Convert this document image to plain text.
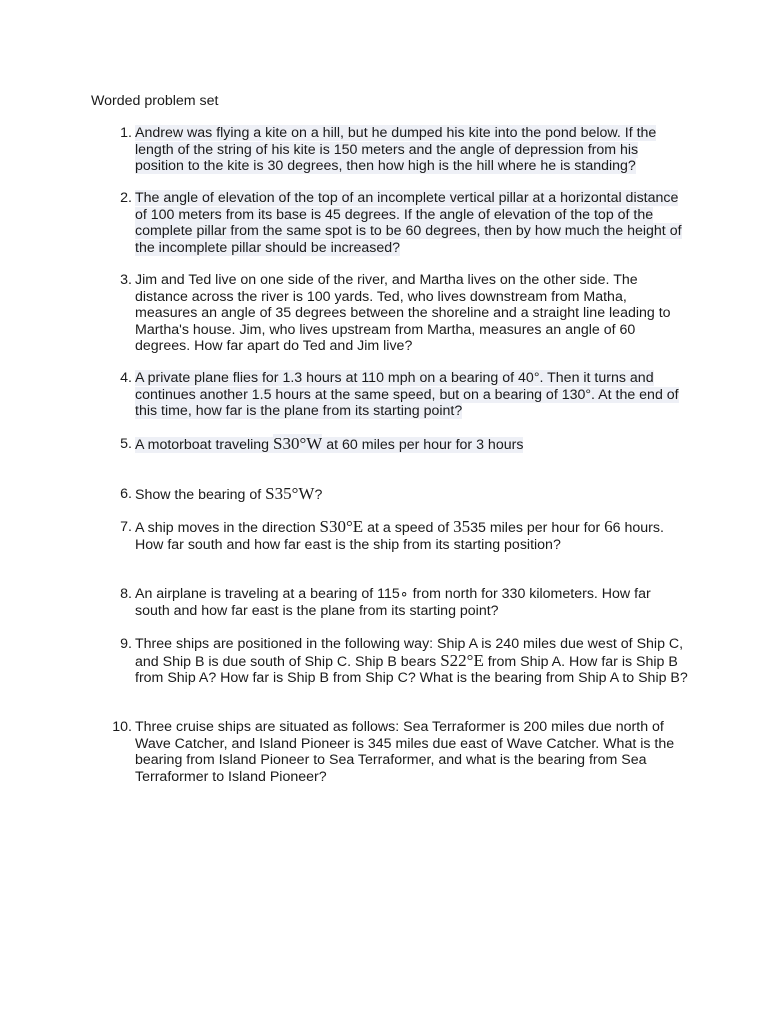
Worded problem set
1 . Andrew was flying a kite on a hill, but he dumped his kite into the pond below. If the length of the string of his kite is 150 meters and the angle of depression from his position to the kite is 30 degrees, then how high is the hill where he is standing?
2 . The angle of elevation of the top of an incomplete vertical pillar at a horizontal distance of 100 meters from its base is 45 degrees. If the angle of elevation of the top of the complete pillar from the same spot is to be 60 degrees, then by how much the height of the incomplete pillar should be increased?
3 . Jim and Ted live on one side of the river, and Martha lives on the other side. The distance across the river is 100 yards. Ted, who lives downstream from Matha, measures an angle of 35 degrees between the shoreline and a straight line leading to Martha's house. Jim, who lives upstream from Martha, measures an angle of 60 degrees. How far apart do Ted and Jim live?
4 . A private plane flies for 1.3 hours at 110 mph on a bearing of 40°. Then it turns and continues another 1.5 hours at the same speed, but on a bearing of 130°. At the end of this time, how far is the plane from its starting point?
5 . A motorboat traveling S30°W at 60 miles per hour for 3 hours
6 . Show the bearing of S35°W?
7 . A ship moves in the direction S30°E at a speed of 3535 miles per hour for 66 hours. How far south and how far east is the ship from its starting position?
8 . An airplane is traveling at a bearing of 115∘ from north for 330 kilometers. How far south and how far east is the plane from its starting point?
9 . Three ships are positioned in the following way: Ship A is 240 miles due west of Ship C, and Ship B is due south of Ship C. Ship B bears S22°E from Ship A. How far is Ship B from Ship A? How far is Ship B from Ship C? What is the bearing from Ship A to Ship B?
10 . Three cruise ships are situated as follows: Sea Terraformer is 200 miles due north of Wave Catcher, and Island Pioneer is 345 miles due east of Wave Catcher. What is the bearing from Island Pioneer to Sea Terraformer, and what is the bearing from Sea Terraformer to Island Pioneer?
